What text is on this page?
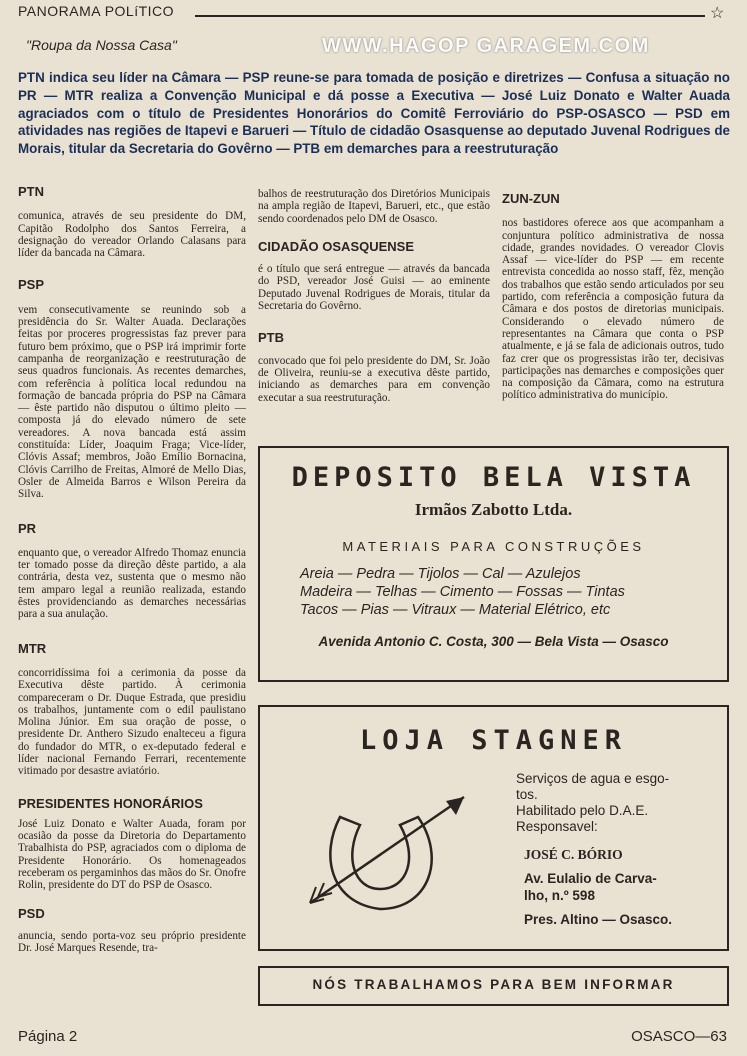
PANORAMA POLíTICO	☆
"Roupa da Nossa Casa"	WWW.HAGOP GARAGEM.COM
PTN indica seu líder na Câmara — PSP reune-se para tomada de posição e diretrizes — Confusa a situação no PR — MTR realiza a Convenção Municipal e dá posse a Executiva — José Luiz Donato e Walter Auada agraciados com o título de Presidentes Honorários do Comitê Ferroviário do PSP-OSASCO — PSD em atividades nas regiões de Itapevi e Barueri — Título de cidadão Osasquense ao deputado Juvenal Rodrigues de Morais, titular da Secretaria do Govêrno — PTB em demarches para a reestruturação
PTN
comunica, através de seu presidente do DM, Capitão Rodolpho dos Santos Ferreira, a designação do vereador Orlando Calasans para líder da bancada na Câmara.
PSP
vem consecutivamente se reunindo sob a presidência do Sr. Walter Auada. Declarações feitas por proceres progressistas faz prever para futuro bem próximo, que o PSP irá imprimir forte campanha de reorganização e reestruturação de seus quadros funcionais. As recentes demarches, com referência à política local redundou na formação de bancada própria do PSP na Câmara — êste partido não disputou o último pleito — composta já do elevado número de sete vereadores. A nova bancada está assim constituída: Líder, Joaquim Fraga; Vice-líder, Clóvis Assaf; membros, João Emílio Bornacina, Clóvis Carrilho de Freitas, Almoré de Mello Dias, Osler de Almeida Barros e Wilson Pereira da Silva.
PR
enquanto que, o vereador Alfredo Thomaz enuncia ter tomado posse da direção dêste partido, a ala contrária, desta vez, sustenta que o mesmo não tem amparo legal a reunião realizada, estando êstes providenciando as demarches necessárias para a sua anulação.
MTR
concorridíssima foi a cerimonia da posse da Executiva dêste partido. À cerimonia compareceram o Dr. Duque Estrada, que presidiu os trabalhos, juntamente com o edil paulistano Molina Júnior. Em sua oração de posse, o presidente Dr. Anthero Sizudo enalteceu a figura do fundador do MTR, o ex-deputado federal e líder nacional Fernando Ferrari, recentemente vitimado por desastre aviatório.
PRESIDENTES HONORÁRIOS
José Luiz Donato e Walter Auada, foram por ocasião da posse da Diretoria do Departamento Trabalhista do PSP, agraciados com o diploma de Presidente Honorário. Os homenageados receberam os pergaminhos das mãos do Sr. Onofre Rolin, presidente do DT do PSP de Osasco.
PSD
anuncia, sendo porta-voz seu próprio presidente Dr. José Marques Resende, tra-
balhos de reestruturação dos Diretórios Municipais na ampla região de Itapevi, Barueri, etc., que estão sendo coordenados pelo DM de Osasco.
CIDADÃO OSASQUENSE
é o título que será entregue — através da bancada do PSD, vereador José Guisi — ao eminente Deputado Juvenal Rodrigues de Morais, titular da Secretaria do Govêrno.
PTB
convocado que foi pelo presidente do DM, Sr. João de Oliveira, reuniu-se a executiva dêste partido, iniciando as demarches para em convenção executar a sua reestruturação.
ZUN-ZUN
nos bastidores oferece aos que acompanham a conjuntura político administrativa de nossa cidade, grandes novidades. O vereador Clovis Assaf — vice-líder do PSP — em recente entrevista concedida ao nosso staff, fêz, menção dos trabalhos que estão sendo articulados por seu partido, com referência a composição futura da Câmara e dos postos de diretorias municipais. Considerando o elevado número de representantes na Câmara que conta o PSP atualmente, e já se fala de adicionais outros, tudo faz crer que os progressistas irão ter, decisivas participações nas demarches e composições quer na composição da Câmara, como na estrutura político administrativa do município.
DEPOSITO BELA VISTA
Irmãos Zabotto Ltda.
MATERIAIS PARA CONSTRUÇÕES
Areia — Pedra — Tijolos — Cal — Azulejos
Madeira — Telhas — Cimento — Fossas — Tintas
Tacos — Pias — Vitraux — Material Elétrico, etc
Avenida Antonio C. Costa, 300 — Bela Vista — Osasco
LOJA STAGNER
Serviços de agua e esgo-
tos.
Habilitado pelo D.A.E.
Responsavel:
JOSÉ C. BÓRIO
Av. Eulalio de Carva-
lho, n.º 598
Pres. Altino — Osasco.
NÓS TRABALHAMOS PARA BEM INFORMAR
Página 2	OSASCO—63
